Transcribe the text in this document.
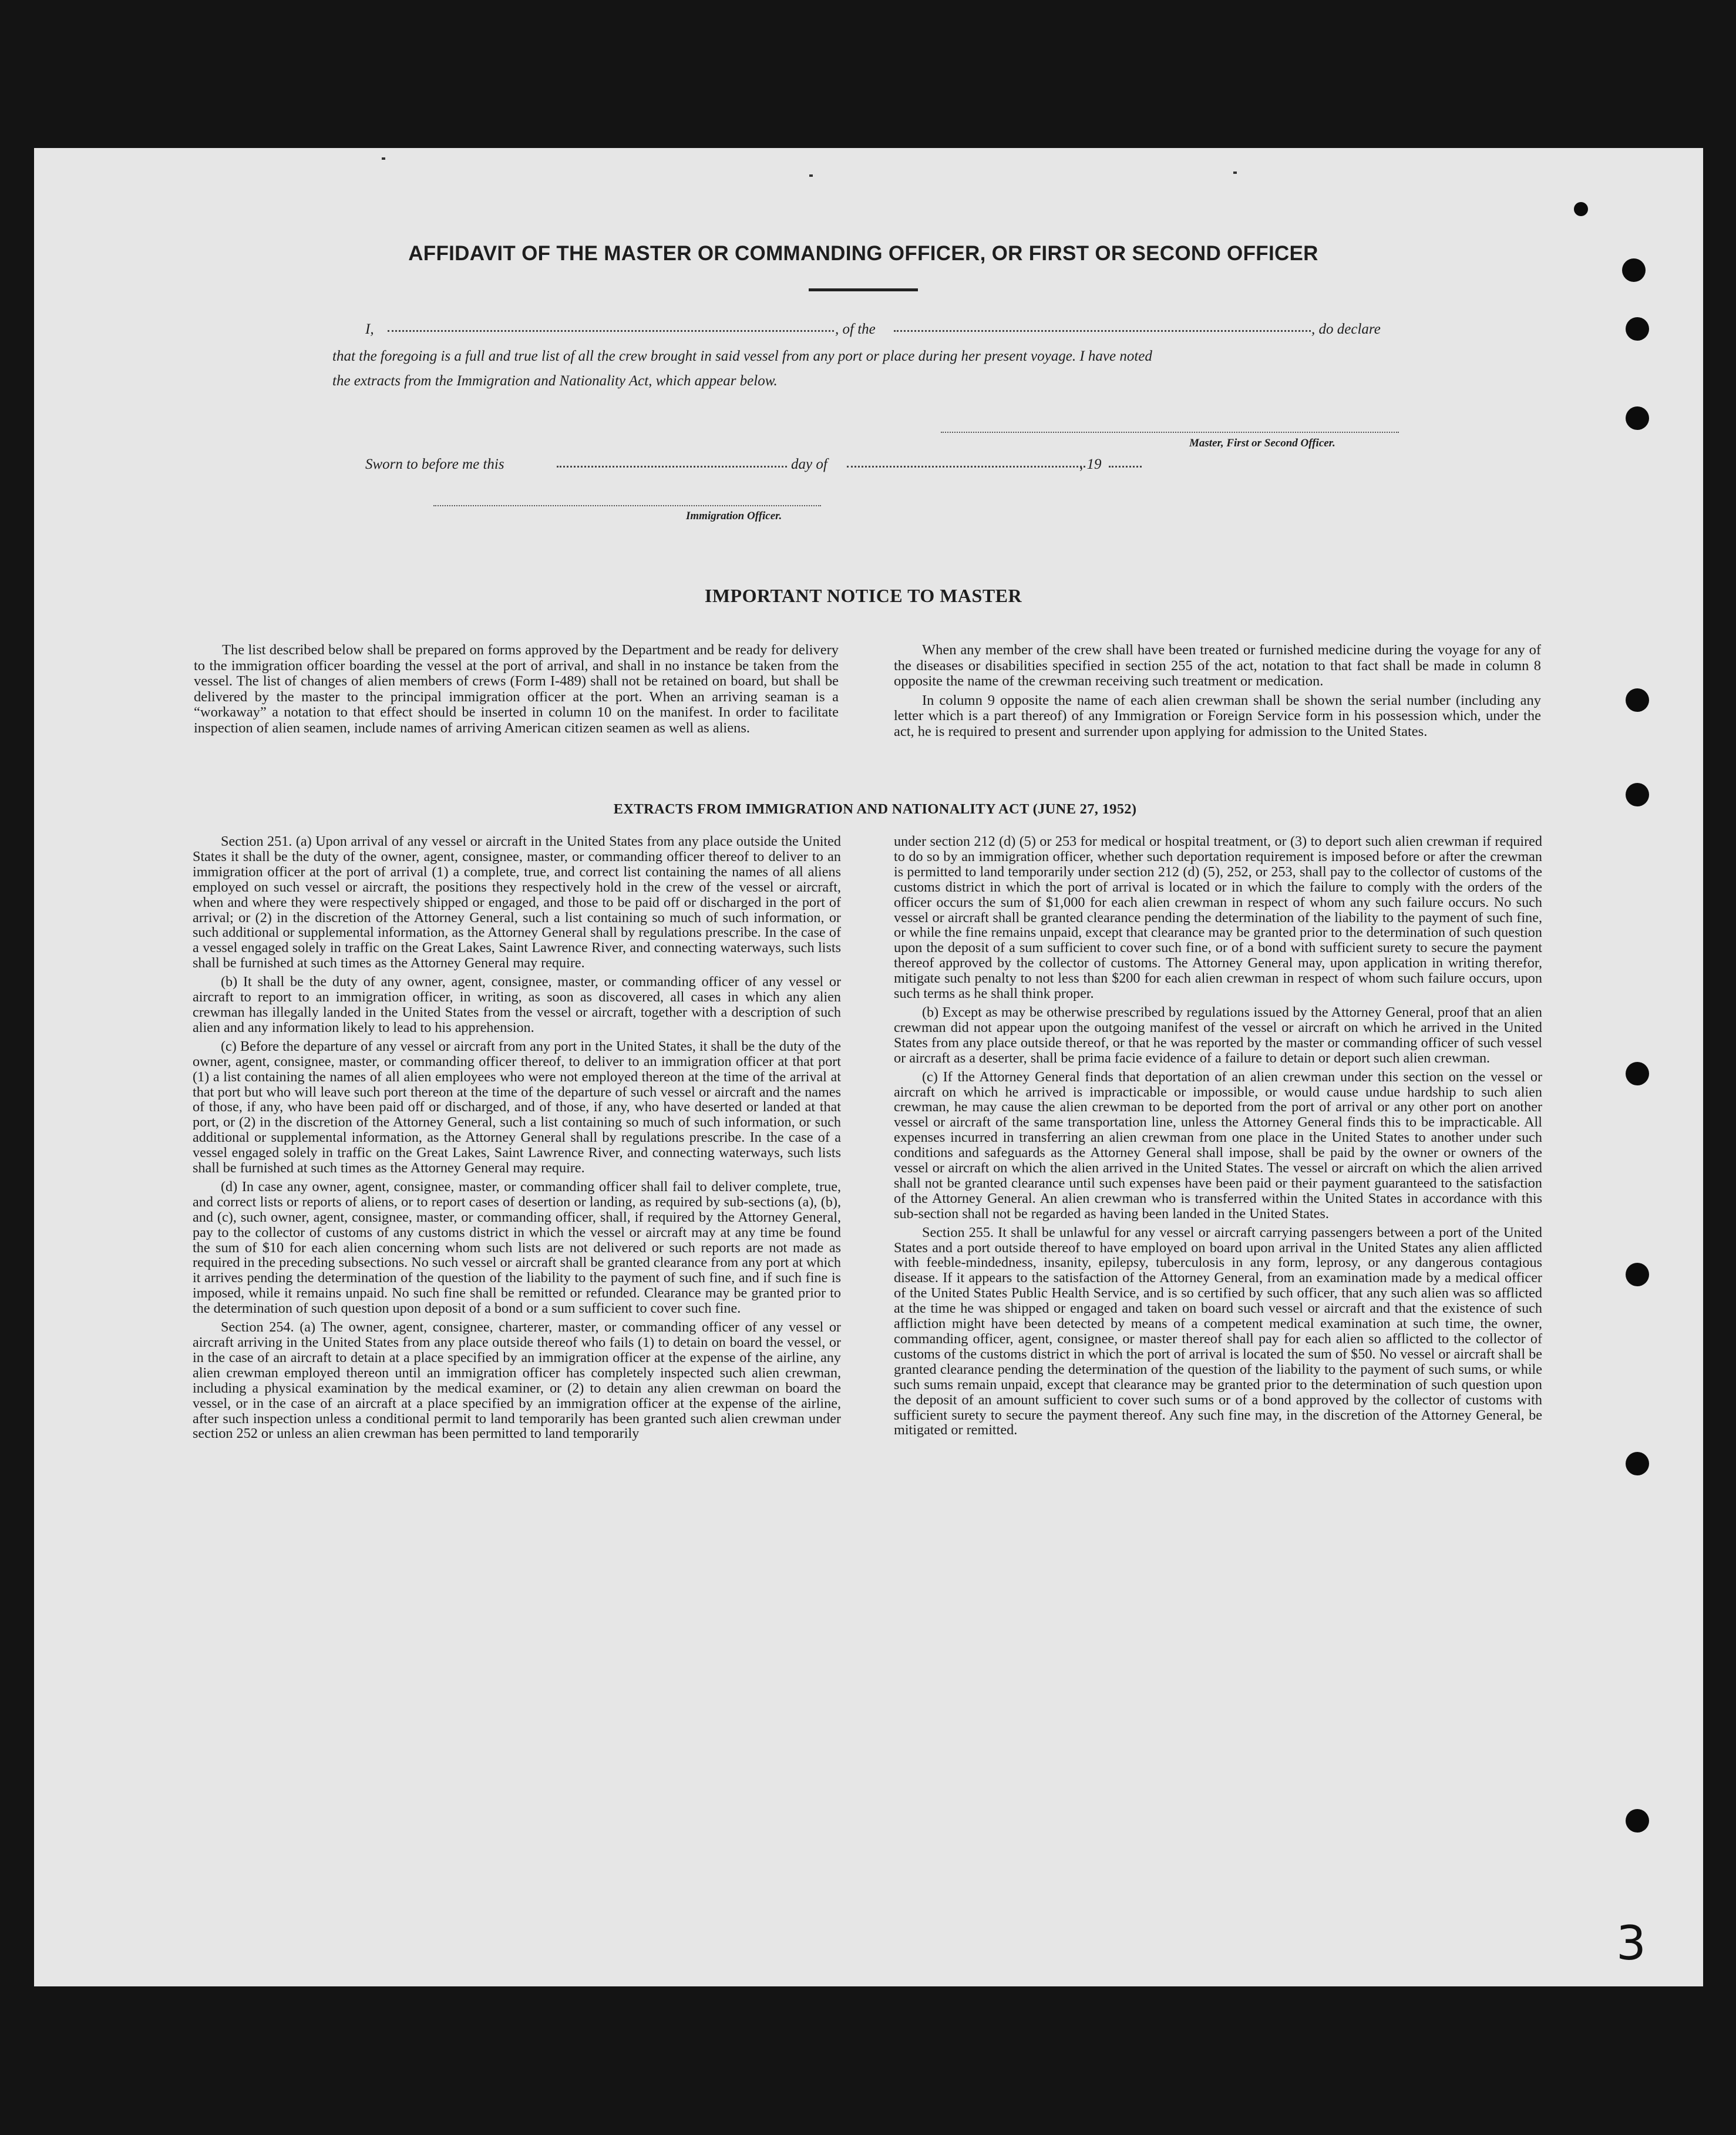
AFFIDAVIT OF THE MASTER OR COMMANDING OFFICER, OR FIRST OR SECOND OFFICER
I,	, of the	, do declare
that the foregoing is a full and true list of all the crew brought in said vessel from any port or place during her present voyage. I have noted
the extracts from the Immigration and Nationality Act, which appear below.
Master, First or Second Officer.
Sworn to before me this	day of	, 19
Immigration Officer.
IMPORTANT NOTICE TO MASTER

The list described below shall be prepared on forms approved by the Department and be ready for delivery to the immigration officer boarding the vessel at the port of arrival, and shall in no instance be taken from the vessel. The list of changes of alien members of crews (Form I-489) shall not be retained on board, but shall be delivered by the master to the principal immigration officer at the port. When an arriving seaman is a “workaway” a notation to that effect should be inserted in column 10 on the manifest. In order to facilitate inspection of alien seamen, include names of arriving American citizen seamen as well as aliens.

When any member of the crew shall have been treated or furnished medicine during the voyage for any of the diseases or disabilities specified in section 255 of the act, notation to that fact shall be made in column 8 opposite the name of the crewman receiving such treatment or medication.

In column 9 opposite the name of each alien crewman shall be shown the serial number (including any letter which is a part thereof) of any Immigration or Foreign Service form in his possession which, under the act, he is required to present and surrender upon applying for admission to the United States.

EXTRACTS FROM IMMIGRATION AND NATIONALITY ACT (JUNE 27, 1952)

Section 251. (a) Upon arrival of any vessel or aircraft in the United States from any place outside the United States it shall be the duty of the owner, agent, consignee, master, or commanding officer thereof to deliver to an immigration officer at the port of arrival (1) a complete, true, and correct list containing the names of all aliens employed on such vessel or aircraft, the positions they respectively hold in the crew of the vessel or aircraft, when and where they were respectively shipped or engaged, and those to be paid off or discharged in the port of arrival; or (2) in the discretion of the Attorney General, such a list containing so much of such information, or such additional or supplemental information, as the Attorney General shall by regulations prescribe. In the case of a vessel engaged solely in traffic on the Great Lakes, Saint Lawrence River, and connecting waterways, such lists shall be furnished at such times as the Attorney General may require.

(b) It shall be the duty of any owner, agent, consignee, master, or commanding officer of any vessel or aircraft to report to an immigration officer, in writing, as soon as discovered, all cases in which any alien crewman has illegally landed in the United States from the vessel or aircraft, together with a description of such alien and any information likely to lead to his apprehension.

(c) Before the departure of any vessel or aircraft from any port in the United States, it shall be the duty of the owner, agent, consignee, master, or commanding officer thereof, to deliver to an immigration officer at that port (1) a list containing the names of all alien employees who were not employed thereon at the time of the arrival at that port but who will leave such port thereon at the time of the departure of such vessel or aircraft and the names of those, if any, who have been paid off or discharged, and of those, if any, who have deserted or landed at that port, or (2) in the discretion of the Attorney General, such a list containing so much of such information, or such additional or supplemental information, as the Attorney General shall by regulations prescribe. In the case of a vessel engaged solely in traffic on the Great Lakes, Saint Lawrence River, and connecting waterways, such lists shall be furnished at such times as the Attorney General may require.

(d) In case any owner, agent, consignee, master, or commanding officer shall fail to deliver complete, true, and correct lists or reports of aliens, or to report cases of desertion or landing, as required by sub-sections (a), (b), and (c), such owner, agent, consignee, master, or commanding officer, shall, if required by the Attorney General, pay to the collector of customs of any customs district in which the vessel or aircraft may at any time be found the sum of $10 for each alien concerning whom such lists are not delivered or such reports are not made as required in the preceding subsections. No such vessel or aircraft shall be granted clearance from any port at which it arrives pending the determination of the question of the liability to the payment of such fine, and if such fine is imposed, while it remains unpaid. No such fine shall be remitted or refunded. Clearance may be granted prior to the determination of such question upon deposit of a bond or a sum sufficient to cover such fine.

Section 254. (a) The owner, agent, consignee, charterer, master, or commanding officer of any vessel or aircraft arriving in the United States from any place outside thereof who fails (1) to detain on board the vessel, or in the case of an aircraft to detain at a place specified by an immigration officer at the expense of the airline, any alien crewman employed thereon until an immigration officer has completely inspected such alien crewman, including a physical examination by the medical examiner, or (2) to detain any alien crewman on board the vessel, or in the case of an aircraft at a place specified by an immigration officer at the expense of the airline, after such inspection unless a conditional permit to land temporarily has been granted such alien crewman under section 252 or unless an alien crewman has been permitted to land temporarily

under section 212 (d) (5) or 253 for medical or hospital treatment, or (3) to deport such alien crewman if required to do so by an immigration officer, whether such deportation requirement is imposed before or after the crewman is permitted to land temporarily under section 212 (d) (5), 252, or 253, shall pay to the collector of customs of the customs district in which the port of arrival is located or in which the failure to comply with the orders of the officer occurs the sum of $1,000 for each alien crewman in respect of whom any such failure occurs. No such vessel or aircraft shall be granted clearance pending the determination of the liability to the payment of such fine, or while the fine remains unpaid, except that clearance may be granted prior to the determination of such question upon the deposit of a sum sufficient to cover such fine, or of a bond with sufficient surety to secure the payment thereof approved by the collector of customs. The Attorney General may, upon application in writing therefor, mitigate such penalty to not less than $200 for each alien crewman in respect of whom such failure occurs, upon such terms as he shall think proper.

(b) Except as may be otherwise prescribed by regulations issued by the Attorney General, proof that an alien crewman did not appear upon the outgoing manifest of the vessel or aircraft on which he arrived in the United States from any place outside thereof, or that he was reported by the master or commanding officer of such vessel or aircraft as a deserter, shall be prima facie evidence of a failure to detain or deport such alien crewman.

(c) If the Attorney General finds that deportation of an alien crewman under this section on the vessel or aircraft on which he arrived is impracticable or impossible, or would cause undue hardship to such alien crewman, he may cause the alien crewman to be deported from the port of arrival or any other port on another vessel or aircraft of the same transportation line, unless the Attorney General finds this to be impracticable. All expenses incurred in transferring an alien crewman from one place in the United States to another under such conditions and safeguards as the Attorney General shall impose, shall be paid by the owner or owners of the vessel or aircraft on which the alien arrived in the United States. The vessel or aircraft on which the alien arrived shall not be granted clearance until such expenses have been paid or their payment guaranteed to the satisfaction of the Attorney General. An alien crewman who is transferred within the United States in accordance with this sub-section shall not be regarded as having been landed in the United States.

Section 255. It shall be unlawful for any vessel or aircraft carrying passengers between a port of the United States and a port outside thereof to have employed on board upon arrival in the United States any alien afflicted with feeble-mindedness, insanity, epilepsy, tuberculosis in any form, leprosy, or any dangerous contagious disease. If it appears to the satisfaction of the Attorney General, from an examination made by a medical officer of the United States Public Health Service, and is so certified by such officer, that any such alien was so afflicted at the time he was shipped or engaged and taken on board such vessel or aircraft and that the existence of such affliction might have been detected by means of a competent medical examination at such time, the owner, commanding officer, agent, consignee, or master thereof shall pay for each alien so afflicted to the collector of customs of the customs district in which the port of arrival is located the sum of $50. No vessel or aircraft shall be granted clearance pending the determination of the question of the liability to the payment of such sums, or while such sums remain unpaid, except that clearance may be granted prior to the determination of such question upon the deposit of an amount sufficient to cover such sums or of a bond approved by the collector of customs with sufficient surety to secure the payment thereof. Any such fine may, in the discretion of the Attorney General, be mitigated or remitted.

3
